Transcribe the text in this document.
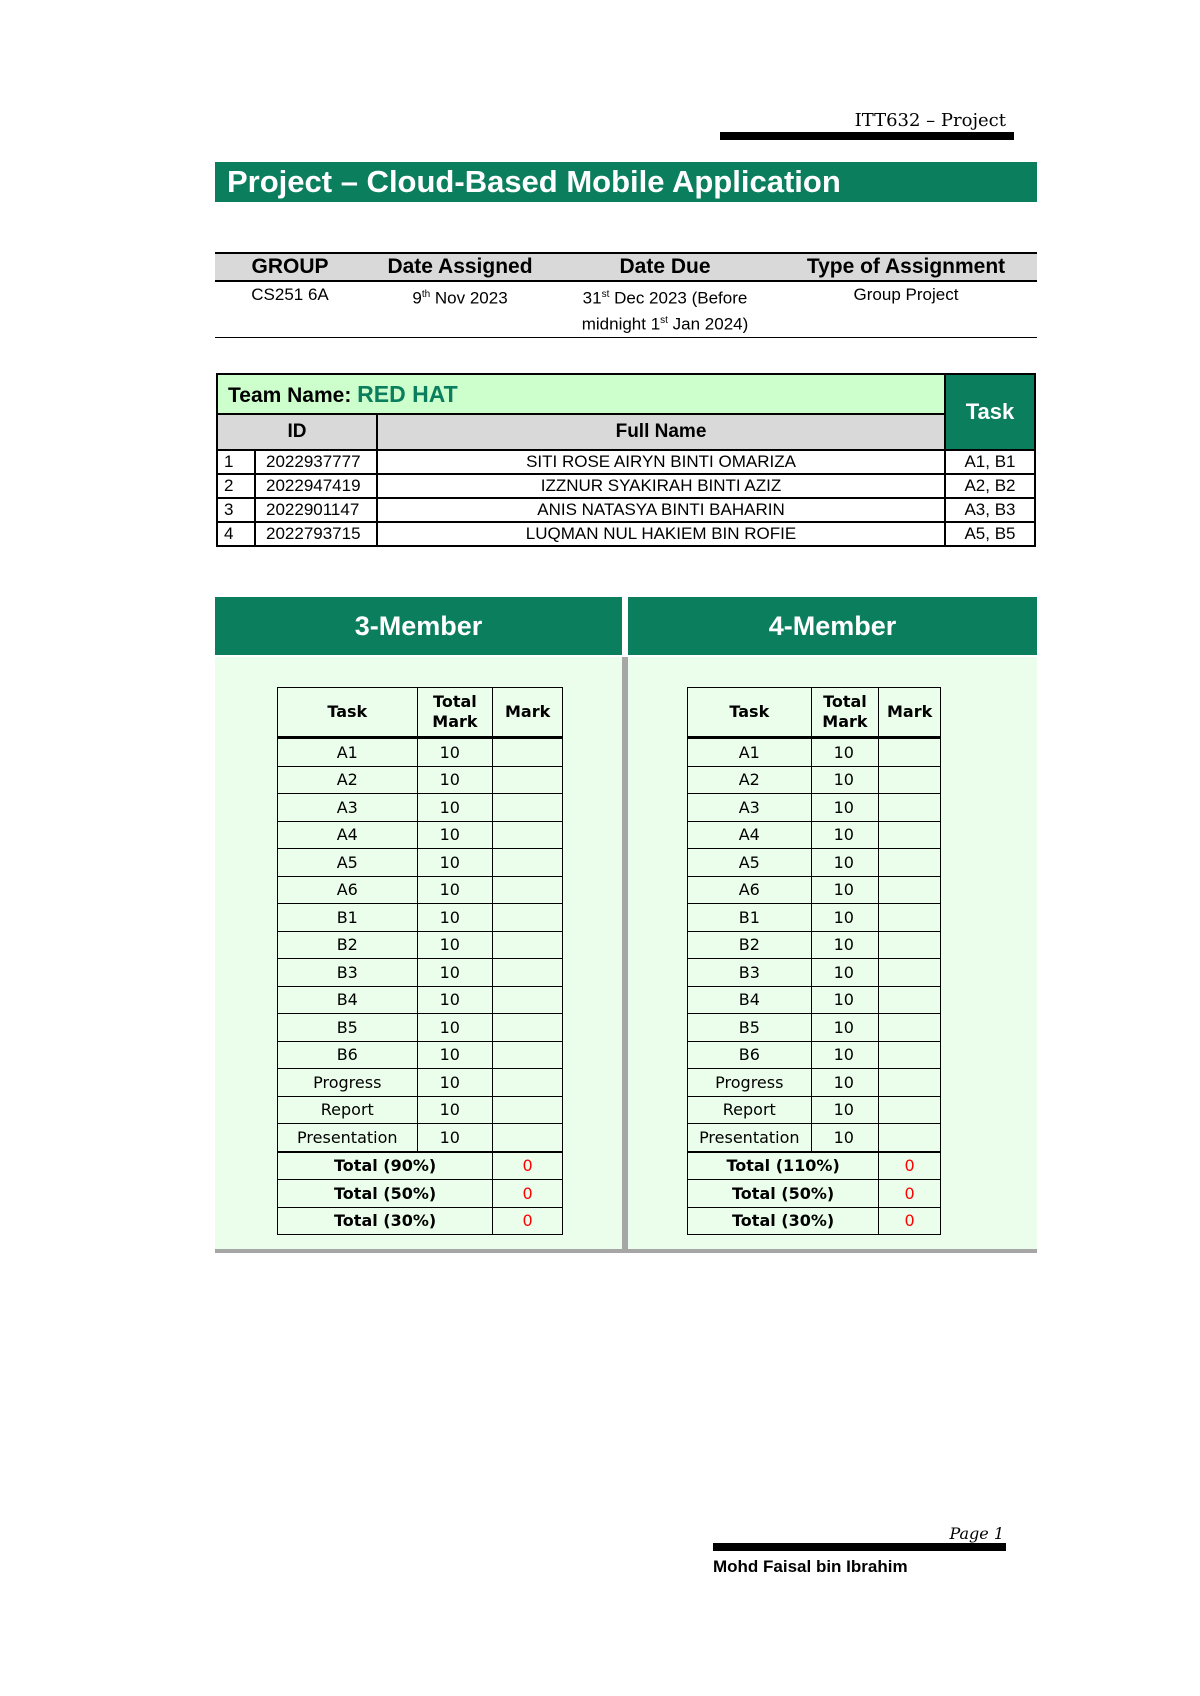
ITT632 – Project
Project – Cloud-Based Mobile Application
GROUP	Date Assigned	Date Due	Type of Assignment
CS251 6A	9th Nov 2023	31st Dec 2023 (Before
midnight 1st Jan 2024)	Group Project
Team Name: RED HAT			Task
ID		Full Name	
1	2022937777	SITI ROSE AIRYN BINTI OMARIZA	A1, B1
2	2022947419	IZZNUR SYAKIRAH BINTI AZIZ	A2, B2
3	2022901147	ANIS NATASYA BINTI BAHARIN	A3, B3
4	2022793715	LUQMAN NUL HAKIEM BIN ROFIE	A5, B5
3-Member	4-Member
Task	Total Mark	Mark
A1	10	
A2	10	
A3	10	
A4	10	
A5	10	
A6	10	
B1	10	
B2	10	
B3	10	
B4	10	
B5	10	
B6	10	
Progress	10	
Report	10	
Presentation	10	
Total (90%)		0
Total (50%)		0
Total (30%)		0
Task	Total Mark	Mark
A1	10	
A2	10	
A3	10	
A4	10	
A5	10	
A6	10	
B1	10	
B2	10	
B3	10	
B4	10	
B5	10	
B6	10	
Progress	10	
Report	10	
Presentation	10	
Total (110%)		0
Total (50%)		0
Total (30%)		0
Page 1
Mohd Faisal bin Ibrahim
